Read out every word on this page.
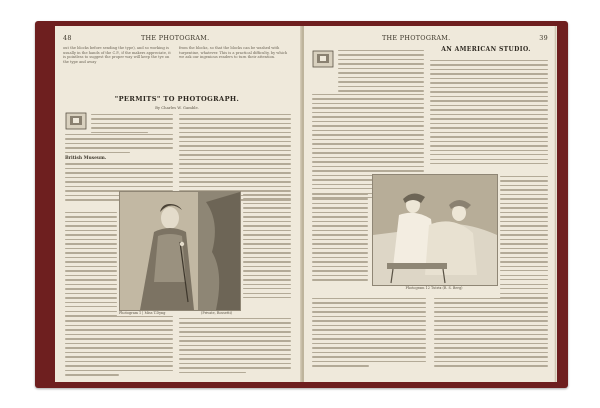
48	THE PHOTOGRAM.
out the blocks before sending the type), and so working is usually in the hands of the C.P., if the makers appreciate, it is pointless to suggest the proper way will keep the tye on the type and away
from the blocks, so that the blocks can be washed with turpentine, whatever. This is a practical difficulty, by which we ask our ingenious readers to turn their attention.
"PERMITS" TO PHOTOGRAPH.
By Charles W. Gamble.
British Museum.
Photogram 1 | Miss T.Dyng	(Private, Rossetti)
THE PHOTOGRAM.	39
AN AMERICAN STUDIO.
Photogram 12 Tutrix (R. S. Berg)
